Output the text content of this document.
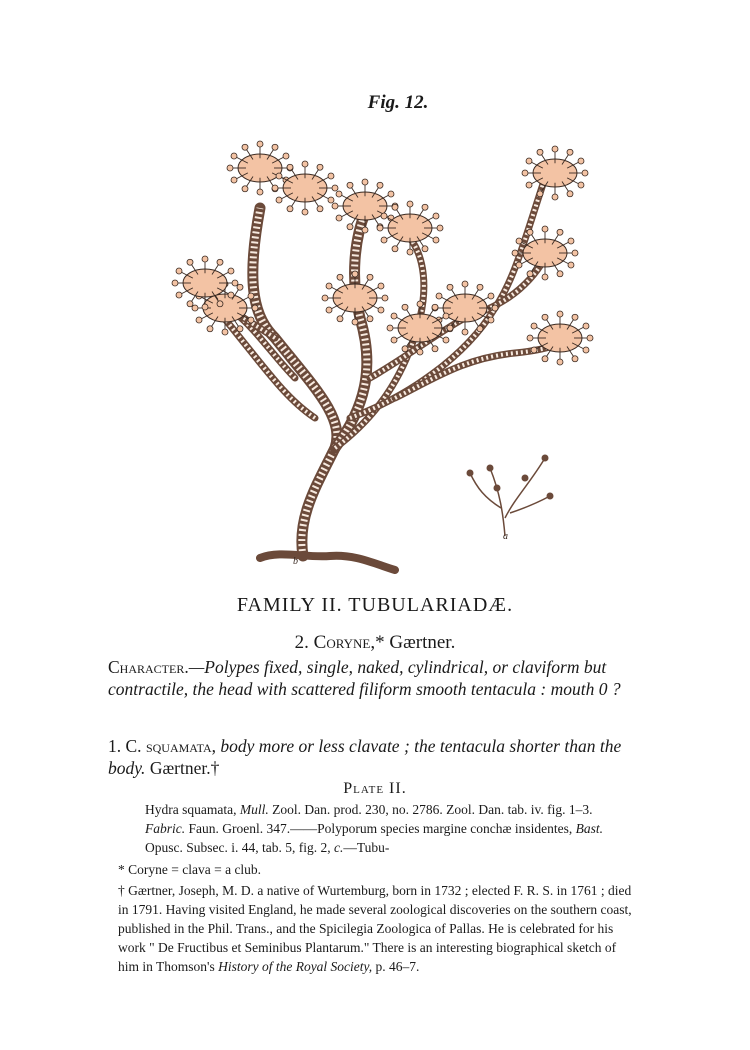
Fig. 12.
a
b
FAMILY II. TUBULARIADÆ.
2. Coryne,* Gærtner.
Character.—Polypes fixed, single, naked, cylindrical, or claviform but contractile, the head with scattered filiform smooth tentacula : mouth 0 ?
1. C. squamata, body more or less clavate ; the tentacula shorter than the body. Gærtner.†
Plate II.

Hydra squamata, Mull. Zool. Dan. prod. 230, no. 2786. Zool. Dan. tab. iv. fig. 1–3. Fabric. Faun. Groenl. 347.——Polyporum species margine conchæ insidentes, Bast. Opusc. Subsec. i. 44, tab. 5, fig. 2, c.—Tubu-

* Coryne = clava = a club.

† Gærtner, Joseph, M. D. a native of Wurtemburg, born in 1732 ; elected F. R. S. in 1761 ; died in 1791. Having visited England, he made several zoological discoveries on the southern coast, published in the Phil. Trans., and the Spicilegia Zoologica of Pallas. He is celebrated for his work " De Fructibus et Seminibus Plantarum." There is an interesting biographical sketch of him in Thomson's History of the Royal Society, p. 46–7.
